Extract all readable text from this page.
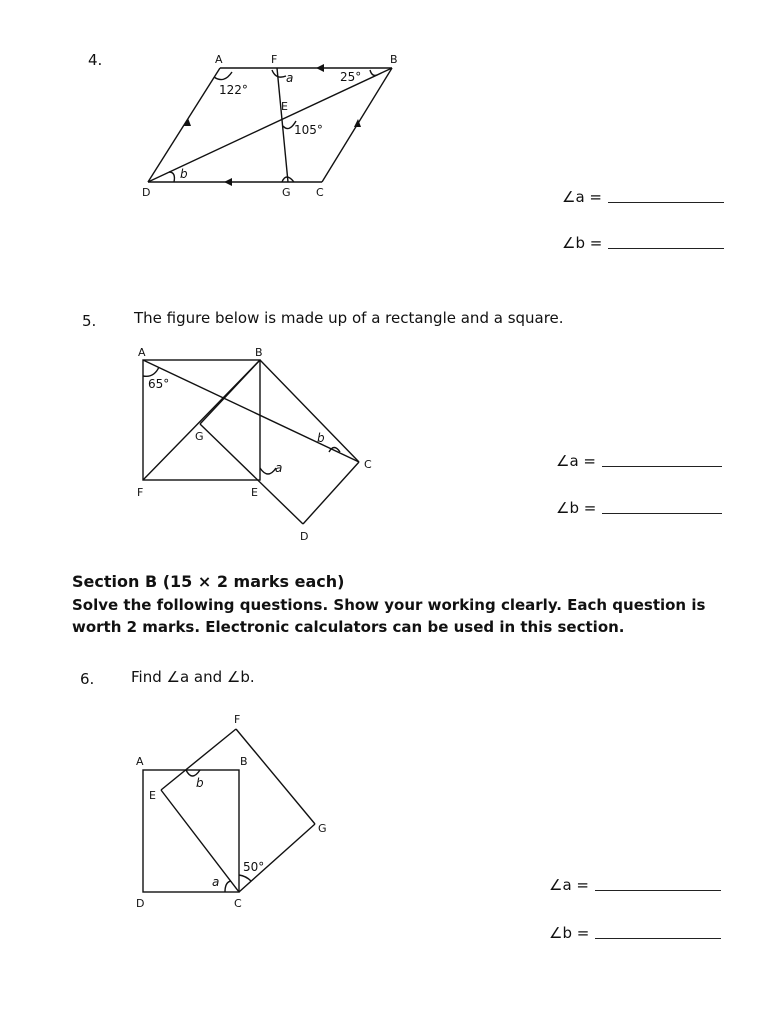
4.	A	F	B
E
D	G C
122°
a	25°
105°
b
A	B
G
C
F	E
D
65°
b
a
F
A	B
E
G
D	C
b
a
50°
∠a =
∠b =
5.	The figure below is made up of a rectangle and a square.
∠a =
∠b =
Section B (15 × 2 marks each)
Solve the following questions. Show your working clearly. Each question is worth 2 marks. Electronic calculators can be used in this section.
6. Find ∠a and ∠b.
∠a =
∠b =
